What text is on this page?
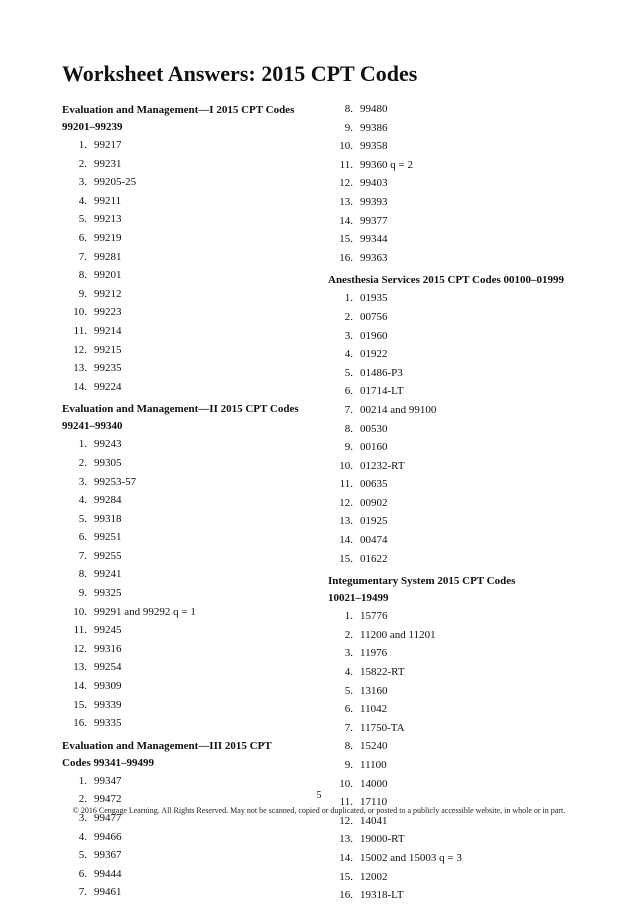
Worksheet Answers: 2015 CPT Codes
Evaluation and Management—I 2015 CPT Codes
99201–99239
1. 99217
2. 99231
3. 99205-25
4. 99211
5. 99213
6. 99219
7. 99281
8. 99201
9. 99212
10. 99223
11. 99214
12. 99215
13. 99235
14. 99224
Evaluation and Management—II 2015 CPT Codes
99241–99340
1. 99243
2. 99305
3. 99253-57
4. 99284
5. 99318
6. 99251
7. 99255
8. 99241
9. 99325
10. 99291 and 99292 q = 1
11. 99245
12. 99316
13. 99254
14. 99309
15. 99339
16. 99335
Evaluation and Management—III 2015 CPT
Codes 99341–99499
1. 99347
2. 99472
3. 99477
4. 99466
5. 99367
6. 99444
7. 99461
8. 99480
9. 99386
10. 99358
11. 99360 q = 2
12. 99403
13. 99393
14. 99377
15. 99344
16. 99363
Anesthesia Services 2015 CPT Codes 00100–01999
1. 01935
2. 00756
3. 01960
4. 01922
5. 01486-P3
6. 01714-LT
7. 00214 and 99100
8. 00530
9. 00160
10. 01232-RT
11. 00635
12. 00902
13. 01925
14. 00474
15. 01622
Integumentary System 2015 CPT Codes
10021–19499
1. 15776
2. 11200 and 11201
3. 11976
4. 15822-RT
5. 13160
6. 11042
7. 11750-TA
8. 15240
9. 11100
10. 14000
11. 17110
12. 14041
13. 19000-RT
14. 15002 and 15003 q = 3
15. 12002
16. 19318-LT
5
© 2016 Cengage Learning. All Rights Reserved. May not be scanned, copied or duplicated, or posted to a publicly accessible website, in whole or in part.
